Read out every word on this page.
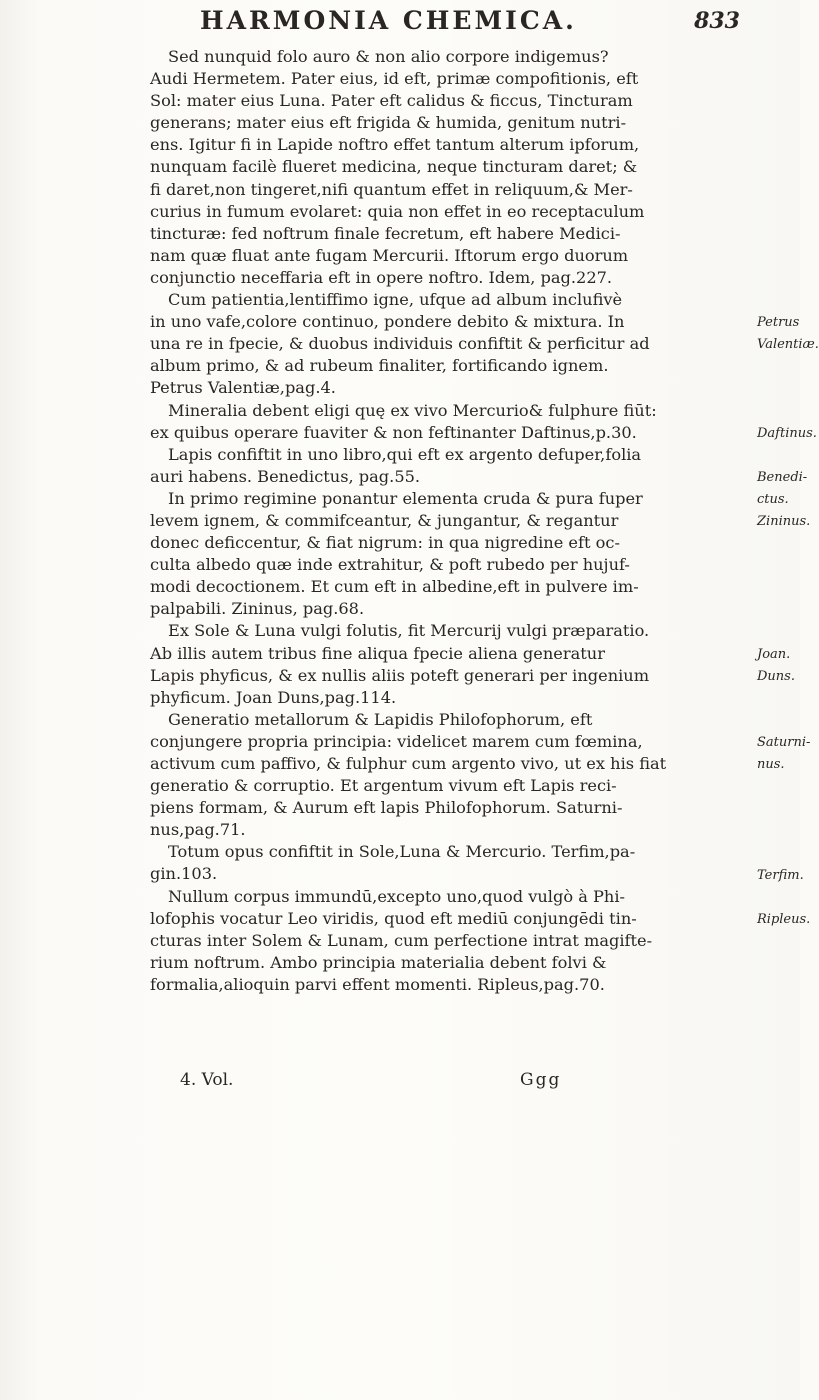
HARMONIA CHEMICA.	833
Sed nunquid folo auro & non alio corpore indigemus?
Audi Hermetem. Pater eius, id eft, primæ compofitionis, eft
Sol: mater eius Luna. Pater eft calidus & ficcus, Tincturam
generans; mater eius eft frigida & humida, genitum nutri-
ens. Igitur fi in Lapide noftro effet tantum alterum ipforum,
nunquam facilè flueret medicina, neque tincturam daret; &
fi daret,non tingeret,nifi quantum effet in reliquum,& Mer-
curius in fumum evolaret: quia non effet in eo receptaculum
tincturæ: fed noftrum finale fecretum, eft habere Medici-
nam quæ fluat ante fugam Mercurii. Iftorum ergo duorum
conjunctio neceffaria eft in opere noftro. Idem, pag.227.
Cum patientia,lentiffimo igne, ufque ad album inclufivè
in uno vafe,colore continuo, pondere debito & mixtura. In
una re in fpecie, & duobus individuis confiftit & perficitur ad
album primo, & ad rubeum finaliter, fortificando ignem.
Petrus Valentiæ,pag.4.
Mineralia debent eligi quę ex vivo Mercurio& fulphure fiūt:
ex quibus operare fuaviter & non feftinanter Daftinus,p.30.
Lapis confiftit in uno libro,qui eft ex argento defuper,folia
auri habens. Benedictus, pag.55.
In primo regimine ponantur elementa cruda & pura fuper
levem ignem, & commifceantur, & jungantur, & regantur
donec deficcentur, & fiat nigrum: in qua nigredine eft oc-
culta albedo quæ inde extrahitur, & poft rubedo per hujuf-
modi decoctionem. Et cum eft in albedine,eft in pulvere im-
palpabili. Zininus, pag.68.
Ex Sole & Luna vulgi folutis, fit Mercurij vulgi præparatio.
Ab illis autem tribus fine aliqua fpecie aliena generatur
Lapis phyficus, & ex nullis aliis poteft generari per ingenium
phyficum. Joan Duns,pag.114.
Generatio metallorum & Lapidis Philofophorum, eft
conjungere propria principia: videlicet marem cum fœmina,
activum cum paffivo, & fulphur cum argento vivo, ut ex his fiat
generatio & corruptio. Et argentum vivum eft Lapis reci-
piens formam, & Aurum eft lapis Philofophorum. Saturni-
nus,pag.71.
Totum opus confiftit in Sole,Luna & Mercurio. Terfim,pa-
gin.103.
Nullum corpus immundū,excepto uno,quod vulgò à Phi-
lofophis vocatur Leo viridis, quod eft mediū conjungēdi tin-
cturas inter Solem & Lunam, cum perfectione intrat magifte-
rium noftrum. Ambo principia materialia debent folvi &
formalia,alioquin parvi effent momenti. Ripleus,pag.70.
Petrus
Valentiæ.
Daftinus.
Benedi-
ctus.
Zininus.
Joan.
Duns.
Saturni-
nus.
Terfim.
Ripleus.
4. Vol.	Ggg
